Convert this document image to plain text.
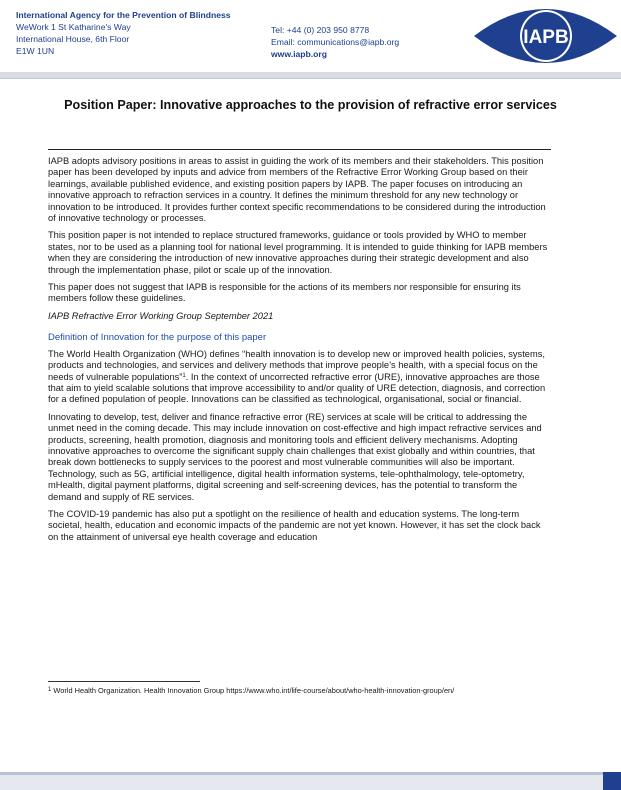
International Agency for the Prevention of Blindness
WeWork 1 St Katharine's Way
International House, 6th Floor
E1W 1UN
Tel: +44 (0) 203 950 8778
Email: communications@iapb.org
www.iapb.org
IAPB
Position Paper: Innovative approaches to the provision of refractive error services

IAPB adopts advisory positions in areas to assist in guiding the work of its members and their stakeholders. This position paper has been developed by inputs and advice from members of the Refractive Error Working Group based on their learnings, available published evidence, and existing position papers by IAPB. The paper focuses on introducing an innovative approach to refraction services in a country. It defines the minimum threshold for any new technology or innovation to be introduced. It provides further context specific recommendations to be considered during the introduction of innovative technology or processes.

This position paper is not intended to replace structured frameworks, guidance or tools provided by WHO to member states, nor to be used as a planning tool for national level programming. It is intended to guide thinking for IAPB members when they are considering the introduction of new innovative approaches during their strategic development and also through the implementation phase, pilot or scale up of the innovation.

This paper does not suggest that IAPB is responsible for the actions of its members nor responsible for ensuring its members follow these guidelines.

IAPB Refractive Error Working Group September 2021

Definition of Innovation for the purpose of this paper

The World Health Organization (WHO) defines “health innovation is to develop new or improved health policies, systems, products and technologies, and services and delivery methods that improve people’s health, with a special focus on the needs of vulnerable populations”$^1$. In the context of uncorrected refractive error (URE), innovative approaches are those that aim to yield scalable solutions that improve accessibility to and/or quality of URE detection, diagnosis, and correction for a defined population of people. Innovations can be classified as technological, organisational, social or financial.

Innovating to develop, test, deliver and finance refractive error (RE) services at scale will be critical to addressing the unmet need in the coming decade. This may include innovation on cost-effective and high impact refractive services and products, screening, health promotion, diagnosis and monitoring tools and efficient delivery mechanisms. Adopting innovative approaches to overcome the significant supply chain challenges that exist globally and within countries, that break down bottlenecks to supply services to the poorest and most vulnerable communities will also be important. Technology, such as 5G, artificial intelligence, digital health information systems, tele-ophthalmology, tele-optometry, mHealth, digital payment platforms, digital screening and self-screening devices, has the potential to transform the demand and supply of RE services.

The COVID-19 pandemic has also put a spotlight on the resilience of health and education systems. The long-term societal, health, education and economic impacts of the pandemic are not yet known. However, it has set the clock back on the attainment of universal eye health coverage and education

$^1$ World Health Organization. Health Innovation Group https://www.who.int/life-course/about/who-health-innovation-group/en/
